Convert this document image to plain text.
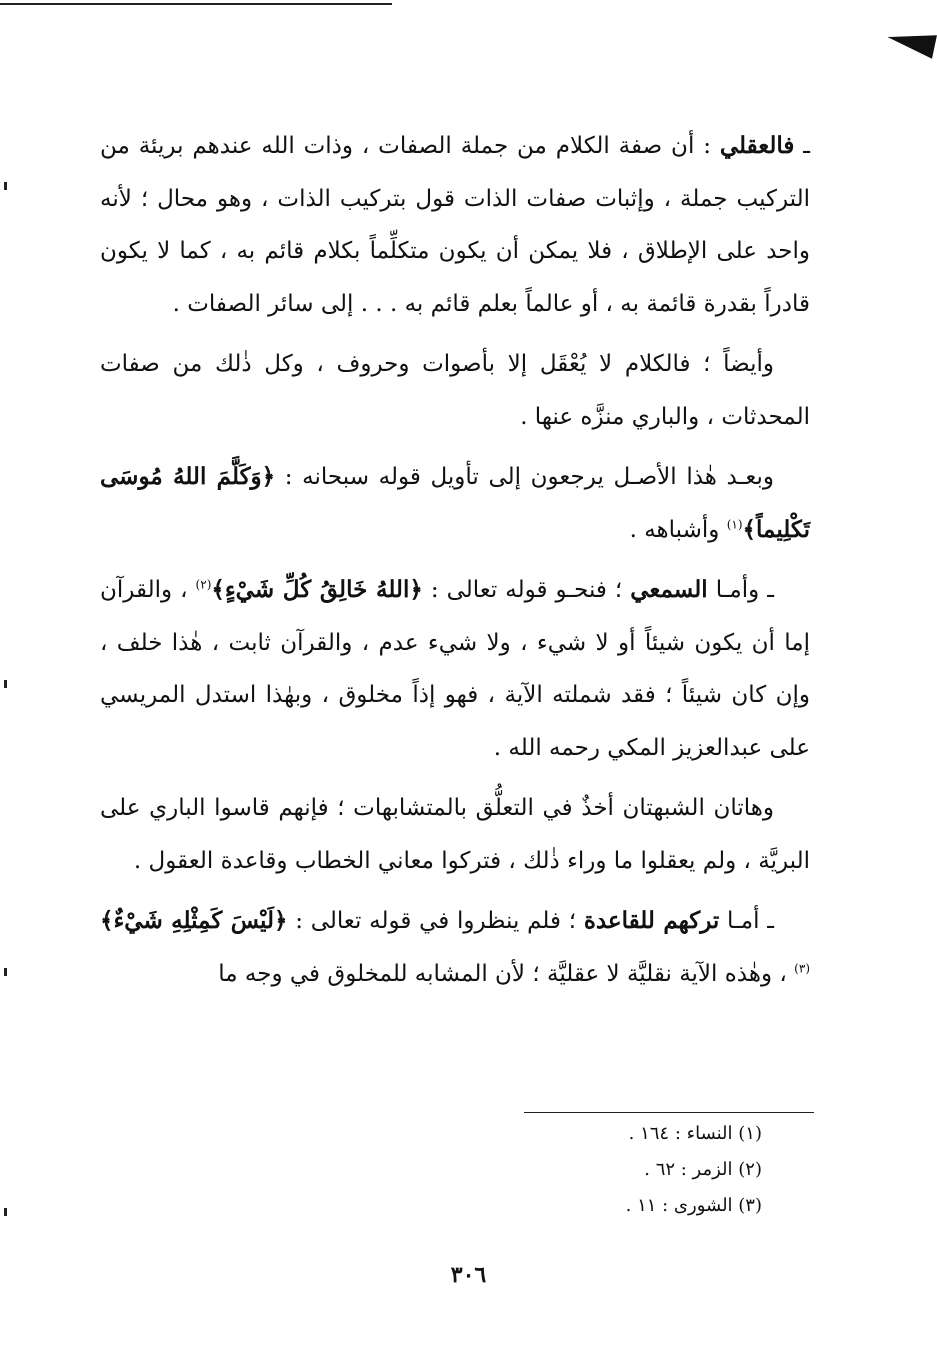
ـ فالعقلي : أن صفة الكلام من جملة الصفات ، وذات الله عندهم بريئة من التركيب جملة ، وإثبات صفات الذات قول بتركيب الذات ، وهو محال ؛ لأنه واحد على الإطلاق ، فلا يمكن أن يكون متكلِّماً بكلام قائم به ، كما لا يكون قادراً بقدرة قائمة به ، أو عالماً بعلم قائم به . . . إلى سائر الصفات .

وأيضاً ؛ فالكلام لا يُعْقَل إلا بأصوات وحروف ، وكل ذٰلك من صفات المحدثات ، والباري منزَّه عنها .

وبعـد هٰذا الأصـل يرجعون إلى تأويل قوله سبحانه : ﴿وَكَلَّمَ اللهُ مُوسَى تَكْلِيماً﴾$^{(١)}$ وأشباهه .

ـ وأمـا السمعي ؛ فنحـو قوله تعالى : ﴿اللهُ خَالِقُ كُلِّ شَيْءٍ﴾$^{(٢)}$ ، والقرآن إما أن يكون شيئاً أو لا شيء ، ولا شيء عدم ، والقرآن ثابت ، هٰذا خلف ، وإن كان شيئاً ؛ فقد شملته الآية ، فهو إذاً مخلوق ، وبهٰذا استدل المريسي على عبدالعزيز المكي رحمه الله .

وهاتان الشبهتان أخذٌ في التعلُّق بالمتشابهات ؛ فإنهم قاسوا الباري على البريَّة ، ولم يعقلوا ما وراء ذٰلك ، فتركوا معاني الخطاب وقاعدة العقول .

ـ أمـا تركهم للقاعدة ؛ فلم ينظروا في قوله تعالى : ﴿لَيْسَ كَمِثْلِهِ شَيْءٌ﴾$^{(٣)}$ ، وهٰذه الآية نقليَّة لا عقليَّة ؛ لأن المشابه للمخلوق في وجه ما

(١) النساء : ١٦٤ .
(٢) الزمر : ٦٢ .
(٣) الشورى : ١١ .
٣٠٦
